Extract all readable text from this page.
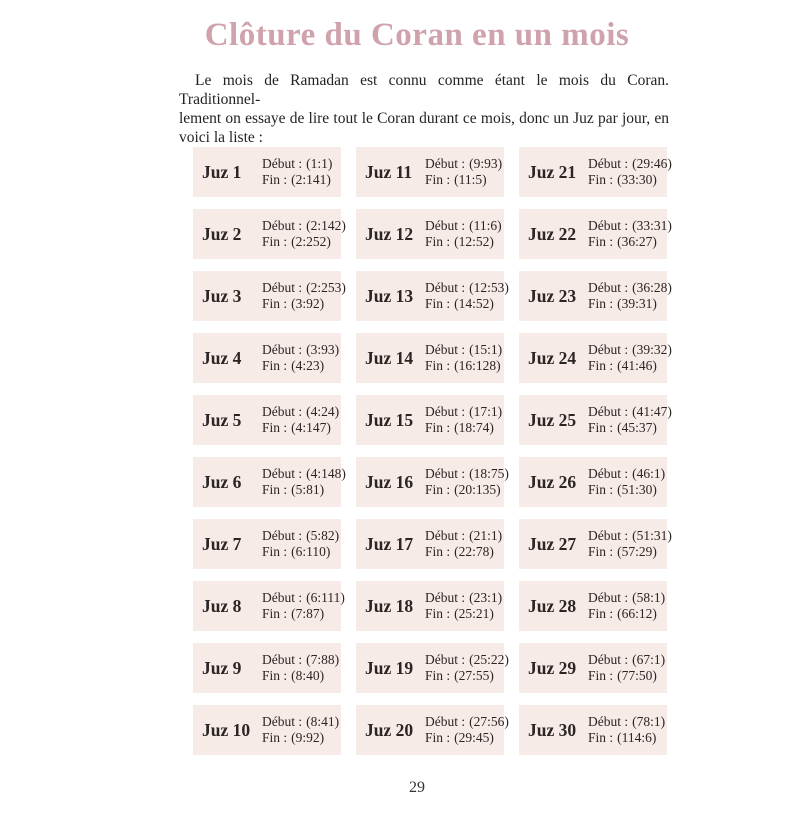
Clôture du Coran en un mois
Le mois de Ramadan est connu comme étant le mois du Coran. Traditionnel-
lement on essaye de lire tout le Coran durant ce mois, donc un Juz par jour, en
voici la liste :
Juz 1	Début : (1:1)
Fin : (2:141)
Juz 2	Début : (2:142)
Fin : (2:252)
Juz 3	Début : (2:253)
Fin : (3:92)
Juz 4	Début : (3:93)
Fin : (4:23)
Juz 5	Début : (4:24)
Fin : (4:147)
Juz 6	Début : (4:148)
Fin : (5:81)
Juz 7	Début : (5:82)
Fin : (6:110)
Juz 8	Début : (6:111)
Fin : (7:87)
Juz 9	Début : (7:88)
Fin : (8:40)
Juz 10 Début : (8:41)
Fin : (9:92)
Juz 11 Début : (9:93)
Fin : (11:5)
Juz 12 Début : (11:6)
Fin : (12:52)
Juz 13 Début : (12:53)
Fin : (14:52)
Juz 14 Début : (15:1)
Fin : (16:128)
Juz 15 Début : (17:1)
Fin : (18:74)
Juz 16 Début : (18:75)
Fin : (20:135)
Juz 17 Début : (21:1)
Fin : (22:78)
Juz 18 Début : (23:1)
Fin : (25:21)
Juz 19 Début : (25:22)
Fin : (27:55)
Juz 20 Début : (27:56)
Fin : (29:45)
Juz 21 Début : (29:46)
Fin : (33:30)
Juz 22 Début : (33:31)
Fin : (36:27)
Juz 23 Début : (36:28)
Fin : (39:31)
Juz 24 Début : (39:32)
Fin : (41:46)
Juz 25 Début : (41:47)
Fin : (45:37)
Juz 26 Début : (46:1)
Fin : (51:30)
Juz 27 Début : (51:31)
Fin : (57:29)
Juz 28 Début : (58:1)
Fin : (66:12)
Juz 29 Début : (67:1)
Fin : (77:50)
Juz 30 Début : (78:1)
Fin : (114:6)
29
